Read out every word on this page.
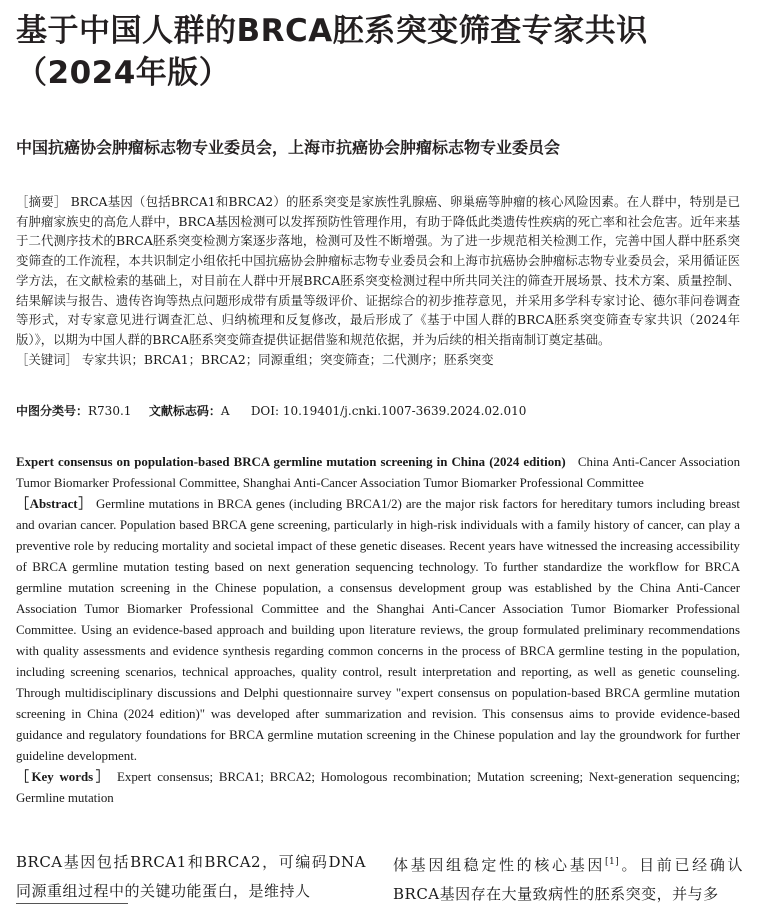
基于中国人群的BRCA胚系突变筛查专家共识
（2024年版）
中国抗癌协会肿瘤标志物专业委员会，上海市抗癌协会肿瘤标志物专业委员会

［摘要］ BRCA基因（包括BRCA1和BRCA2）的胚系突变是家族性乳腺癌、卵巢癌等肿瘤的核心风险因素。在人群中，特别是已有肿瘤家族史的高危人群中，BRCA基因检测可以发挥预防性管理作用，有助于降低此类遗传性疾病的死亡率和社会危害。近年来基于二代测序技术的BRCA胚系突变检测方案逐步落地，检测可及性不断增强。为了进一步规范相关检测工作，完善中国人群中胚系突变筛查的工作流程，本共识制定小组依托中国抗癌协会肿瘤标志物专业委员会和上海市抗癌协会肿瘤标志物专业委员会，采用循证医学方法，在文献检索的基础上，对目前在人群中开展BRCA胚系突变检测过程中所共同关注的筛查开展场景、技术方案、质量控制、结果解读与报告、遗传咨询等热点问题形成带有质量等级评价、证据综合的初步推荐意见，并采用多学科专家讨论、德尔菲问卷调查等形式，对专家意见进行调查汇总、归纳梳理和反复修改，最后形成了《基于中国人群的BRCA胚系突变筛查专家共识（2024年版）》，以期为中国人群的BRCA胚系突变筛查提供证据借鉴和规范依据，并为后续的相关指南制订奠定基础。

［关键词］ 专家共识；BRCA1；BRCA2；同源重组；突变筛查；二代测序；胚系突变

中图分类号：R730.1 文献标志码：A DOI: 10.19401/j.cnki.1007-3639.2024.02.010

Expert consensus on population-based BRCA germline mutation screening in China (2024 edition) China Anti-Cancer Association Tumor Biomarker Professional Committee, Shanghai Anti-Cancer Association Tumor Biomarker Professional Committee

［Abstract］ Germline mutations in BRCA genes (including BRCA1/2) are the major risk factors for hereditary tumors including breast and ovarian cancer. Population based BRCA gene screening, particularly in high-risk individuals with a family history of cancer, can play a preventive role by reducing mortality and societal impact of these genetic diseases. Recent years have witnessed the increasing accessibility of BRCA germline mutation testing based on next generation sequencing technology. To further standardize the workflow for BRCA germline mutation screening in the Chinese population, a consensus development group was established by the China Anti-Cancer Association Tumor Biomarker Professional Committee and the Shanghai Anti-Cancer Association Tumor Biomarker Professional Committee. Using an evidence-based approach and building upon literature reviews, the group formulated preliminary recommendations with quality assessments and evidence synthesis regarding common concerns in the process of BRCA germline testing in the population, including screening scenarios, technical approaches, quality control, result interpretation and reporting, as well as genetic counseling. Through multidisciplinary discussions and Delphi questionnaire survey "expert consensus on population-based BRCA germline mutation screening in China (2024 edition)" was developed after summarization and revision. This consensus aims to provide evidence-based guidance and regulatory foundations for BRCA germline mutation screening in the Chinese population and lay the groundwork for further guideline development.

［Key words］ Expert consensus; BRCA1; BRCA2; Homologous recombination; Mutation screening; Next-generation sequencing; Germline mutation

BRCA基因包括BRCA1和BRCA2，可编码DNA同源重组过程中的关键功能蛋白，是维持人
体基因组稳定性的核心基因[1]。目前已经确认BRCA基因存在大量致病性的胚系突变，并与多
